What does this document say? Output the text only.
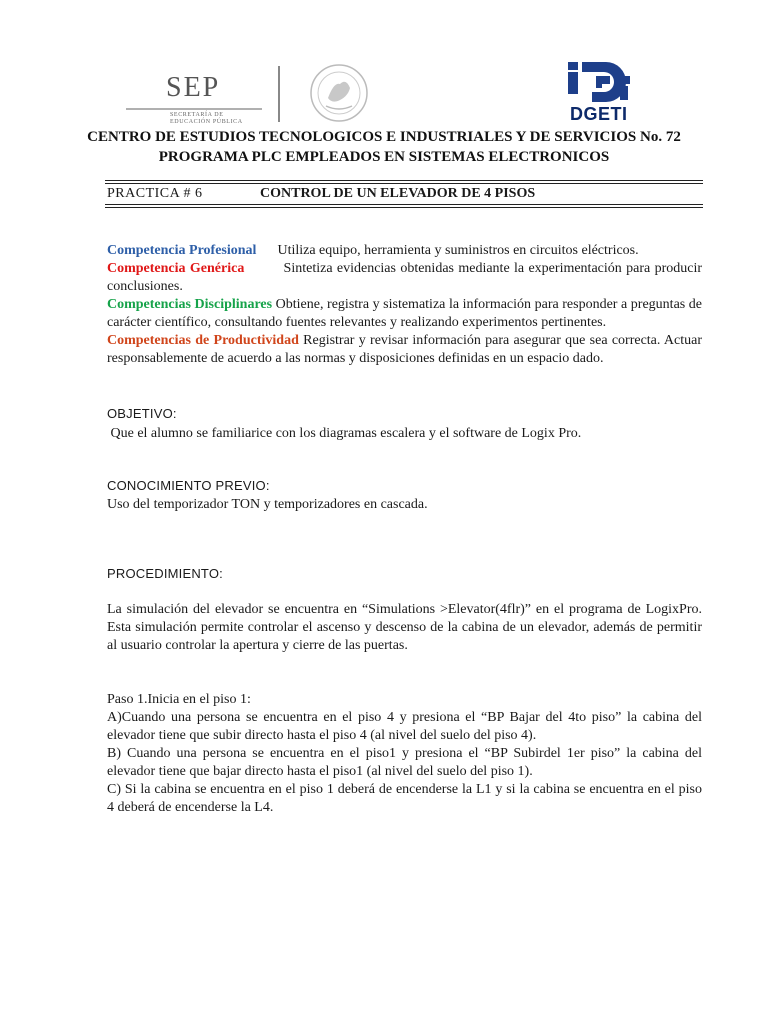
SEP
SECRETARÍA DE
EDUCACIÓN PÚBLICA	DGETI
CENTRO DE ESTUDIOS TECNOLOGICOS E INDUSTRIALES Y DE SERVICIOS No. 72
PROGRAMA PLC EMPLEADOS EN SISTEMAS ELECTRONICOS
PRACTICA # 6	CONTROL DE UN ELEVADOR DE 4 PISOS
Competencia Profesional Utiliza equipo, herramienta y suministros en circuitos eléctricos.
Competencia Genérica	Sintetiza evidencias obtenidas mediante la experimentación para producir conclusiones.
Competencias Disciplinares Obtiene, registra y sistematiza la información para responder a preguntas de carácter científico, consultando fuentes relevantes y realizando experimentos pertinentes.
Competencias de Productividad Registrar y revisar información para asegurar que sea correcta. Actuar responsablemente de acuerdo a las normas y disposiciones definidas en un espacio dado.
OBJETIVO:
Que el alumno se familiarice con los diagramas escalera y el software de Logix Pro.
CONOCIMIENTO PREVIO:
Uso del temporizador TON y temporizadores en cascada.
PROCEDIMIENTO:
La simulación del elevador se encuentra en “Simulations >Elevator(4flr)” en el programa de LogixPro. Esta simulación permite controlar el ascenso y descenso de la cabina de un elevador, además de permitir al usuario controlar la apertura y cierre de las puertas.
Paso 1.Inicia en el piso 1:
A)Cuando una persona se encuentra en el piso 4 y presiona el “BP Bajar del 4to piso” la cabina del elevador tiene que subir directo hasta el piso 4 (al nivel del suelo del piso 4).
B) Cuando una persona se encuentra en el piso1 y presiona el “BP Subirdel 1er piso” la cabina del elevador tiene que bajar directo hasta el piso1 (al nivel del suelo del piso 1).
C) Si la cabina se encuentra en el piso 1 deberá de encenderse la L1 y si la cabina se encuentra en el piso 4 deberá de encenderse la L4.
